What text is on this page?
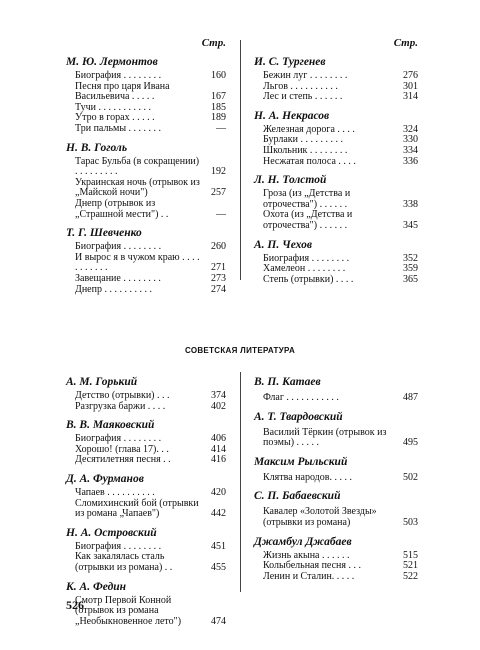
Стр.
М. Ю. Лермонтов
Биография . . . . . . . .	160
Песня про царя Ивана Васильевича . . . . .	167
Тучи . . . . . . . . . . .	185
Утро в горах . . . . .	189
Три пальмы . . . . . . .	—
Н. В. Гоголь
Тарас Бульба (в сокращении) . . . . . . . . .	192
Украинская ночь (отрывок из „Майской ночи")	257
Днепр (отрывок из „Страшной мести") . .	—
Т. Г. Шевченко
Биография . . . . . . . .	260
И вырос я в чужом краю . . . . . . . . . . .	271
Завещание . . . . . . . .	273
Днепр . . . . . . . . . .	274
Стр.
И. С. Тургенев
Бежин луг . . . . . . . .	276
Льгов . . . . . . . . . .	301
Лес и степь . . . . . .	314
Н. А. Некрасов
Железная дорога . . . .	324
Бурлаки . . . . . . . . .	330
Школьник . . . . . . . .	334
Несжатая полоса . . . .	336
Л. Н. Толстой
Гроза (из „Детства и отрочества") . . . . . .	338
Охота (из „Детства и отрочества") . . . . . .	345
А. П. Чехов
Биография . . . . . . . .	352
Хамелеон . . . . . . . .	359
Степь (отрывки) . . . .	365
СОВЕТСКАЯ ЛИТЕРАТУРА
А. М. Горький
Детство (отрывки) . . .	374
Разгрузка баржи . . . .	402
В. В. Маяковский
Биография . . . . . . . .	406
Хорошо! (глава 17). . .	414
Десятилетняя песня . .	416
Д. А. Фурманов
Чапаев . . . . . . . . . .	420
Сломихинский бой (отрывки из романа „Чапаев")	442
Н. А. Островский
Биография . . . . . . . .	451
Как закалялась сталь (отрывки из романа) . .	455
К. А. Федин
Смотр Первой Конной (отрывок из романа „Необыкновенное лето")	474
В. П. Катаев
Флаг . . . . . . . . . . .	487
А. Т. Твардовский
Василий Тёркин (отрывок из поэмы) . . . . .	495
Максим Рыльский
Клятва народов. . . . .	502
С. П. Бабаевский
Кавалер «Золотой Звезды» (отрывки из романа)	503
Джамбул Джабаев
Жизнь акына . . . . . .	515
Колыбельная песня . . .	521
Ленин и Сталин. . . . .	522
526
